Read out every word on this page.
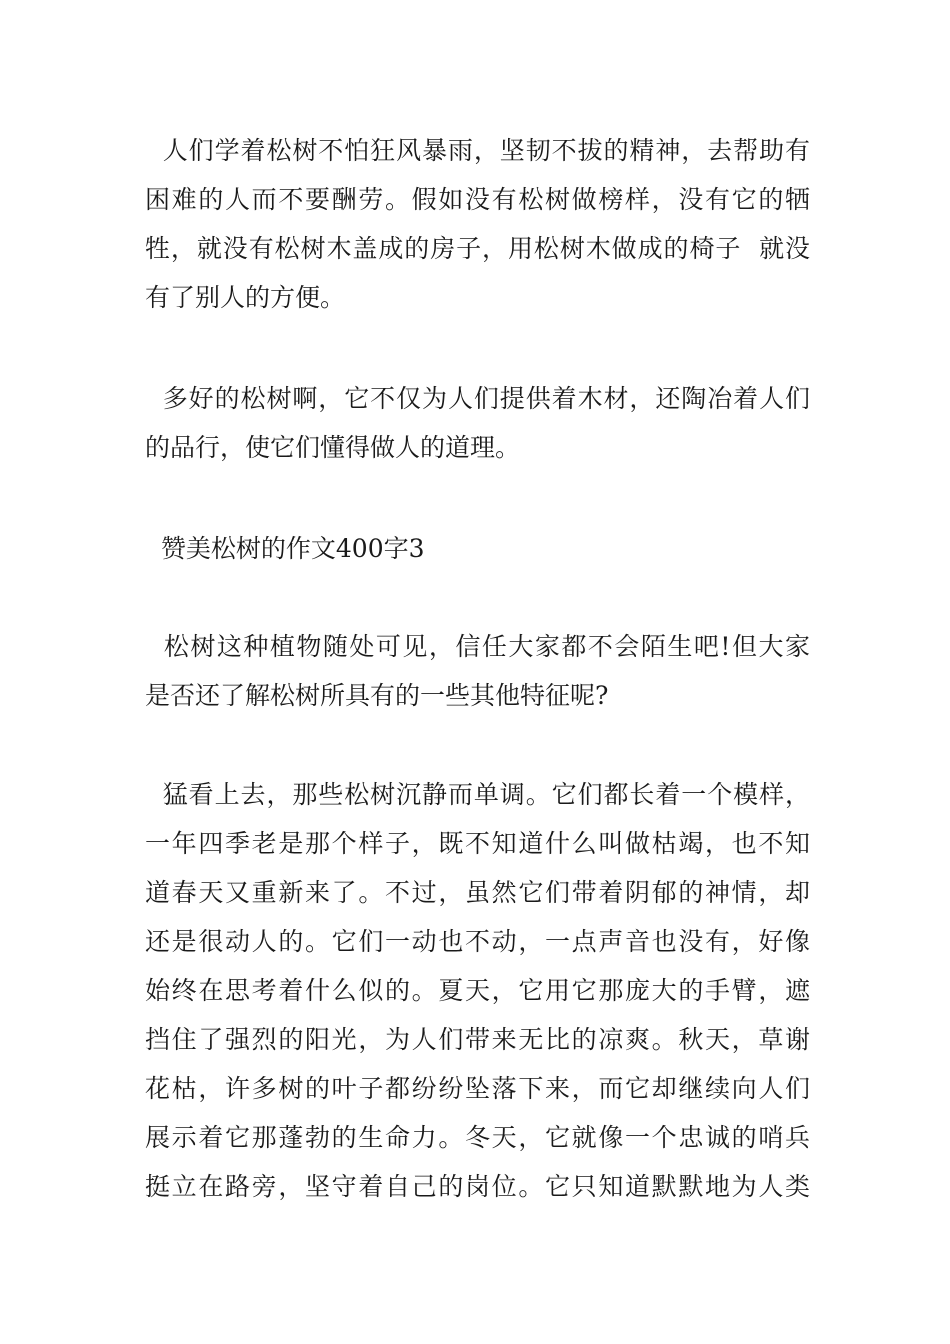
人们学着松树不怕狂风暴雨，坚韧不拔的精神，去帮助有
困难的人而不要酬劳。假如没有松树做榜样，没有它的牺
牲，就没有松树木盖成的房子，用松树木做成的椅子  就没
有了别人的方便。
多好的松树啊，它不仅为人们提供着木材，还陶冶着人们
的品行，使它们懂得做人的道理。
赞美松树的作文400字3
松树这种植物随处可见，信任大家都不会陌生吧!但大家
是否还了解松树所具有的一些其他特征呢?
猛看上去，那些松树沉静而单调。它们都长着一个模样，
一年四季老是那个样子，既不知道什么叫做枯竭，也不知
道春天又重新来了。不过，虽然它们带着阴郁的神情，却
还是很动人的。它们一动也不动，一点声音也没有，好像
始终在思考着什么似的。夏天，它用它那庞大的手臂，遮
挡住了强烈的阳光，为人们带来无比的凉爽。秋天，草谢
花枯，许多树的叶子都纷纷坠落下来，而它却继续向人们
展示着它那蓬勃的生命力。冬天，它就像一个忠诚的哨兵
挺立在路旁，坚守着自己的岗位。它只知道默默地为人类
